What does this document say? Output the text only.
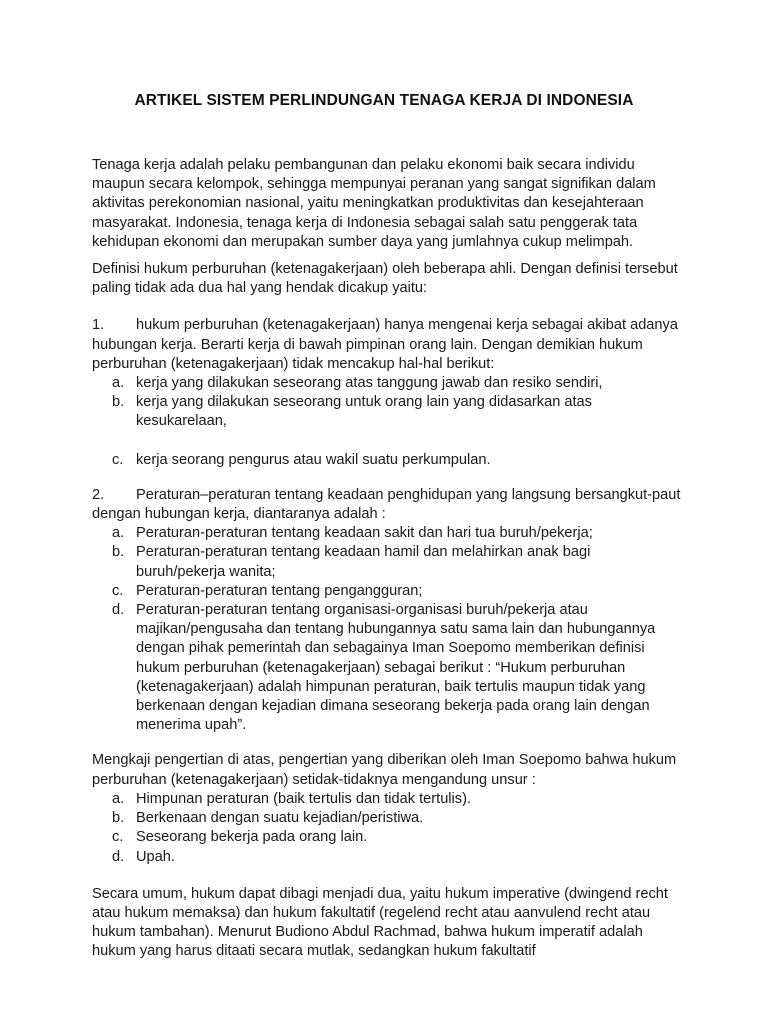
ARTIKEL SISTEM PERLINDUNGAN TENAGA KERJA DI INDONESIA

Tenaga kerja adalah pelaku pembangunan dan pelaku ekonomi baik secara individu maupun secara kelompok, sehingga mempunyai peranan yang sangat signifikan dalam aktivitas perekonomian nasional, yaitu meningkatkan produktivitas dan kesejahteraan masyarakat. Indonesia, tenaga kerja di Indonesia sebagai salah satu penggerak tata kehidupan ekonomi dan merupakan sumber daya yang jumlahnya cukup melimpah.

Definisi hukum perburuhan (ketenagakerjaan) oleh beberapa ahli. Dengan definisi tersebut paling tidak ada dua hal yang hendak dicakup yaitu:

1. hukum perburuhan (ketenagakerjaan) hanya mengenai kerja sebagai akibat adanya hubungan kerja. Berarti kerja di bawah pimpinan orang lain. Dengan demikian hukum perburuhan (ketenagakerjaan) tidak mencakup hal-hal berikut:

a. kerja yang dilakukan seseorang atas tanggung jawab dan resiko sendiri,

b. kerja yang dilakukan seseorang untuk orang lain yang didasarkan atas kesukarelaan,

c. kerja seorang pengurus atau wakil suatu perkumpulan.

2. Peraturan–peraturan tentang keadaan penghidupan yang langsung bersangkut-paut dengan hubungan kerja, diantaranya adalah :

a. Peraturan-peraturan tentang keadaan sakit dan hari tua buruh/pekerja;

b. Peraturan-peraturan tentang keadaan hamil dan melahirkan anak bagi buruh/pekerja wanita;

c. Peraturan-peraturan tentang pengangguran;

d. Peraturan-peraturan tentang organisasi-organisasi buruh/pekerja atau majikan/pengusaha dan tentang hubungannya satu sama lain dan hubungannya dengan pihak pemerintah dan sebagainya Iman Soepomo memberikan definisi hukum perburuhan (ketenagakerjaan) sebagai berikut : “Hukum perburuhan (ketenagakerjaan) adalah himpunan peraturan, baik tertulis maupun tidak yang berkenaan dengan kejadian dimana seseorang bekerja pada orang lain dengan menerima upah”.

Mengkaji pengertian di atas, pengertian yang diberikan oleh Iman Soepomo bahwa hukum perburuhan (ketenagakerjaan) setidak-tidaknya mengandung unsur :

a. Himpunan peraturan (baik tertulis dan tidak tertulis).

b. Berkenaan dengan suatu kejadian/peristiwa.

c. Seseorang bekerja pada orang lain.

d. Upah.

Secara umum, hukum dapat dibagi menjadi dua, yaitu hukum imperative (dwingend recht atau hukum memaksa) dan hukum fakultatif (regelend recht atau aanvulend recht atau hukum tambahan). Menurut Budiono Abdul Rachmad, bahwa hukum imperatif adalah hukum yang harus ditaati secara mutlak, sedangkan hukum fakultatif
